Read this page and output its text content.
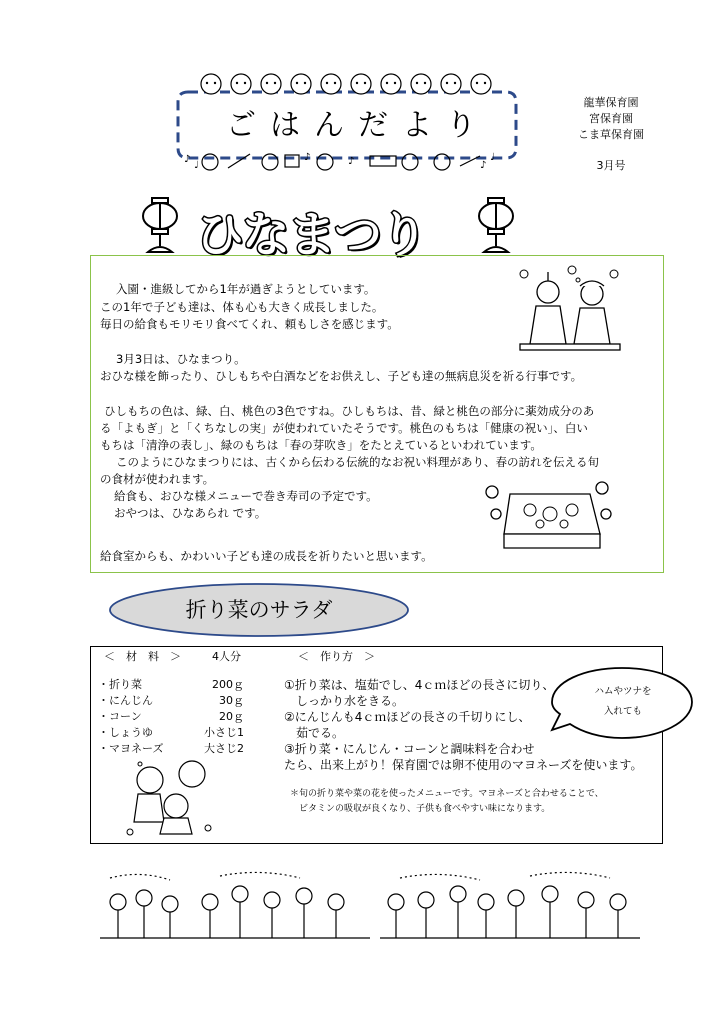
ごはんだより
♪
♩
♪	♪	♪
♩
龍華保育園
宮保育園
こま草保育園
3月号
ひなまつり
入園・進級してから1年が過ぎようとしています。
この1年で子ども達は、体も心も大きく成長しました。
毎日の給食もモリモリ食べてくれ、頼もしさを感じます。
3月3日は、ひなまつり。
おひな様を飾ったり、ひしもちや白酒などをお供えし、子ども達の無病息災を祈る行事です。
ひしもちの色は、緑、白、桃色の3色ですね。ひしもちは、昔、緑と桃色の部分に薬効成分のあ
る「よもぎ」と「くちなしの実」が使われていたそうです。桃色のもちは「健康の祝い」、白い
もちは「清浄の表し」、緑のもちは「春の芽吹き」をたとえているといわれています。
このようにひなまつりには、古くから伝わる伝統的なお祝い料理があり、春の訪れを伝える旬
の食材が使われます。
給食も、おひな様メニューで巻き寿司の予定です。
おやつは、ひなあられ です。
給食室からも、かわいい子ども達の成長を祈りたいと思います。
折り菜のサラダ
＜　材　料　＞	4人分	＜　作り方　＞
・折り菜	200ｇ
・にんじん	30ｇ
・コーン	20ｇ
・しょうゆ	小さじ1
・マヨネーズ	大さじ2
①折り菜は、塩茹でし、4ｃｍほどの長さに切り、
　しっかり水をきる。
②にんじんも4ｃｍほどの長さの千切りにし、
　茹でる。
③折り菜・にんじん・コーンと調味料を合わせ
たら、出来上がり！保育園では卵不使用のマヨネーズを使います。
＊旬の折り菜や菜の花を使ったメニューです。マヨネーズと合わせることで、
　ビタミンの吸収が良くなり、子供も食べやすい味になります。
ハムやツナを
入れても
